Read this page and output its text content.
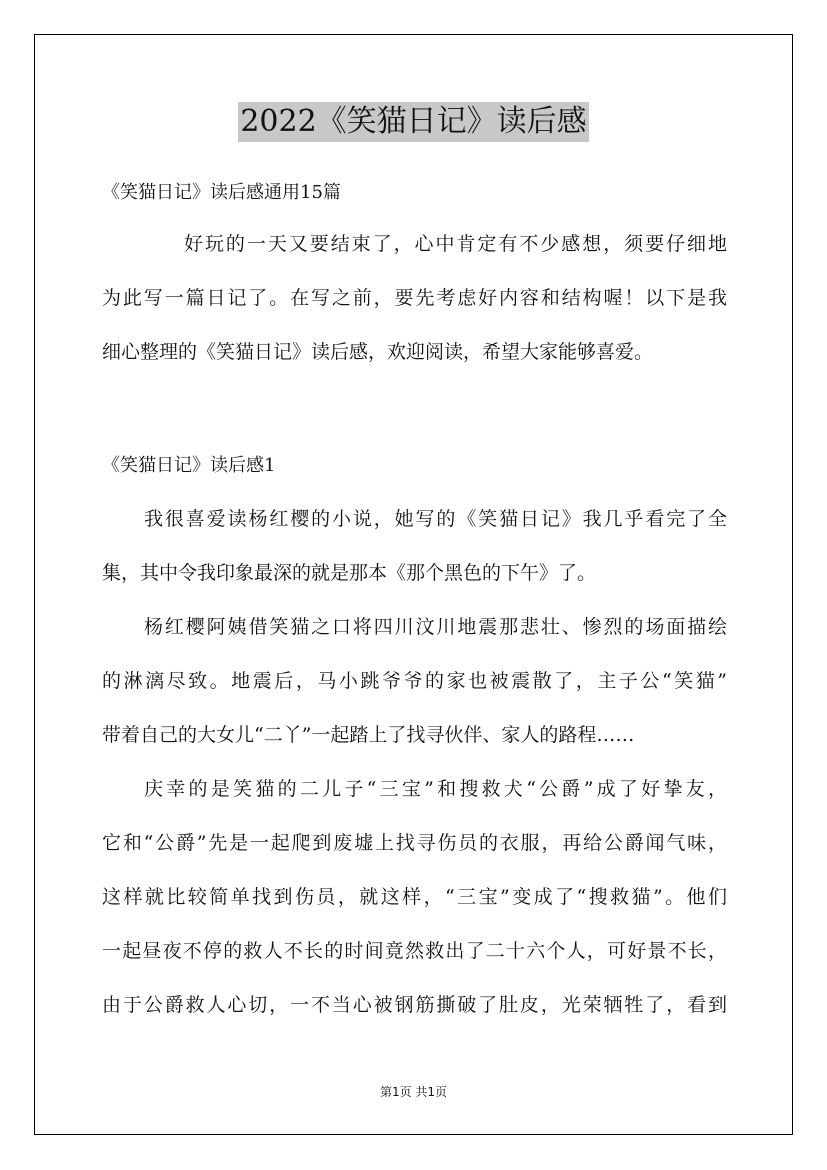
2022《笑猫日记》读后感
《笑猫日记》读后感通用15篇
好玩的一天又要结束了，心中肯定有不少感想，须要仔细地
为此写一篇日记了。在写之前，要先考虑好内容和结构喔！以下是我
细心整理的《笑猫日记》读后感，欢迎阅读，希望大家能够喜爱。
《笑猫日记》读后感1
我很喜爱读杨红樱的小说，她写的《笑猫日记》我几乎看完了全
集，其中令我印象最深的就是那本《那个黑色的下午》了。
杨红樱阿姨借笑猫之口将四川汶川地震那悲壮、惨烈的场面描绘
的淋漓尽致。地震后，马小跳爷爷的家也被震散了，主子公“笑猫”
带着自己的大女儿“二丫”一起踏上了找寻伙伴、家人的路程……
庆幸的是笑猫的二儿子“三宝”和搜救犬“公爵”成了好挚友，
它和“公爵”先是一起爬到废墟上找寻伤员的衣服，再给公爵闻气味，
这样就比较简单找到伤员，就这样，“三宝”变成了“搜救猫”。他们
一起昼夜不停的救人不长的时间竟然救出了二十六个人，可好景不长，
由于公爵救人心切，一不当心被钢筋撕破了肚皮，光荣牺牲了，看到
第1页 共1页
